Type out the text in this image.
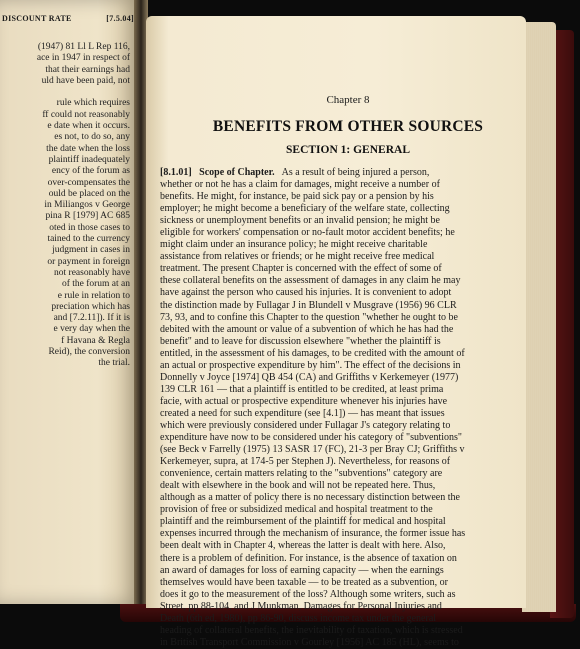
DISCOUNT RATE	[7.5.04]
(1947) 81 Ll L Rep 116,
ace in 1947 in respect of
that their earnings had
uld have been paid, not

rule which requires
ff could not reasonably
e date when it occurs.
es not, to do so, any
the date when the loss
plaintiff inadequately
ency of the forum as
over-compensates the
ould be placed on the
in Miliangos v George
pina R [1979] AC 685
oted in those cases to
tained to the currency
judgment in cases in
or payment in foreign
not reasonably have
of the forum at an
e rule in relation to
preciation which has
and [7.2.11]). If it is
e very day when the
f Havana & Regla
Reid), the conversion
the trial.
Chapter 8
BENEFITS FROM OTHER SOURCES
SECTION 1: GENERAL
[8.1.01] Scope of Chapter. As a result of being injured a person,
whether or not he has a claim for damages, might receive a number of
benefits. He might, for instance, be paid sick pay or a pension by his
employer; he might become a beneficiary of the welfare state, collecting
sickness or unemployment benefits or an invalid pension; he might be
eligible for workers' compensation or no-fault motor accident benefits; he
might claim under an insurance policy; he might receive charitable
assistance from relatives or friends; or he might receive free medical
treatment. The present Chapter is concerned with the effect of some of
these collateral benefits on the assessment of damages in any claim he may
have against the person who caused his injuries. It is convenient to adopt
the distinction made by Fullagar J in Blundell v Musgrave (1956) 96 CLR
73, 93, and to confine this Chapter to the question "whether he ought to be
debited with the amount or value of a subvention of which he has had the
benefit" and to leave for discussion elsewhere "whether the plaintiff is
entitled, in the assessment of his damages, to be credited with the amount of
an actual or prospective expenditure by him". The effect of the decisions in
Donnelly v Joyce [1974] QB 454 (CA) and Griffiths v Kerkemeyer (1977)
139 CLR 161 — that a plaintiff is entitled to be credited, at least prima
facie, with actual or prospective expenditure whenever his injuries have
created a need for such expenditure (see [4.1]) — has meant that issues
which were previously considered under Fullagar J's category relating to
expenditure have now to be considered under his category of "subventions"
(see Beck v Farrelly (1975) 13 SASR 17 (FC), 21-3 per Bray CJ; Griffiths v
Kerkemeyer, supra, at 174-5 per Stephen J). Nevertheless, for reasons of
convenience, certain matters relating to the "subventions" category are
dealt with elsewhere in the book and will not be repeated here. Thus,
although as a matter of policy there is no necessary distinction between the
provision of free or subsidized medical and hospital treatment to the
plaintiff and the reimbursement of the plaintiff for medical and hospital
expenses incurred through the mechanism of insurance, the former issue has
been dealt with in Chapter 4, whereas the latter is dealt with here. Also,
there is a problem of definition. For instance, is the absence of taxation on
an award of damages for loss of earning capacity — when the earnings
themselves would have been taxable — to be treated as a subvention, or
does it go to the measurement of the loss? Although some writers, such as
Street, pp 88-104, and J Munkman, Damages for Personal Injuries and
Death (6th ed, 1980), pp 86-90, discuss income tax under the general
heading of collateral benefits, the inevitability of taxation, which is stressed
in British Transport Commission v Gourley [1956] AC 185 (HL), seems to
